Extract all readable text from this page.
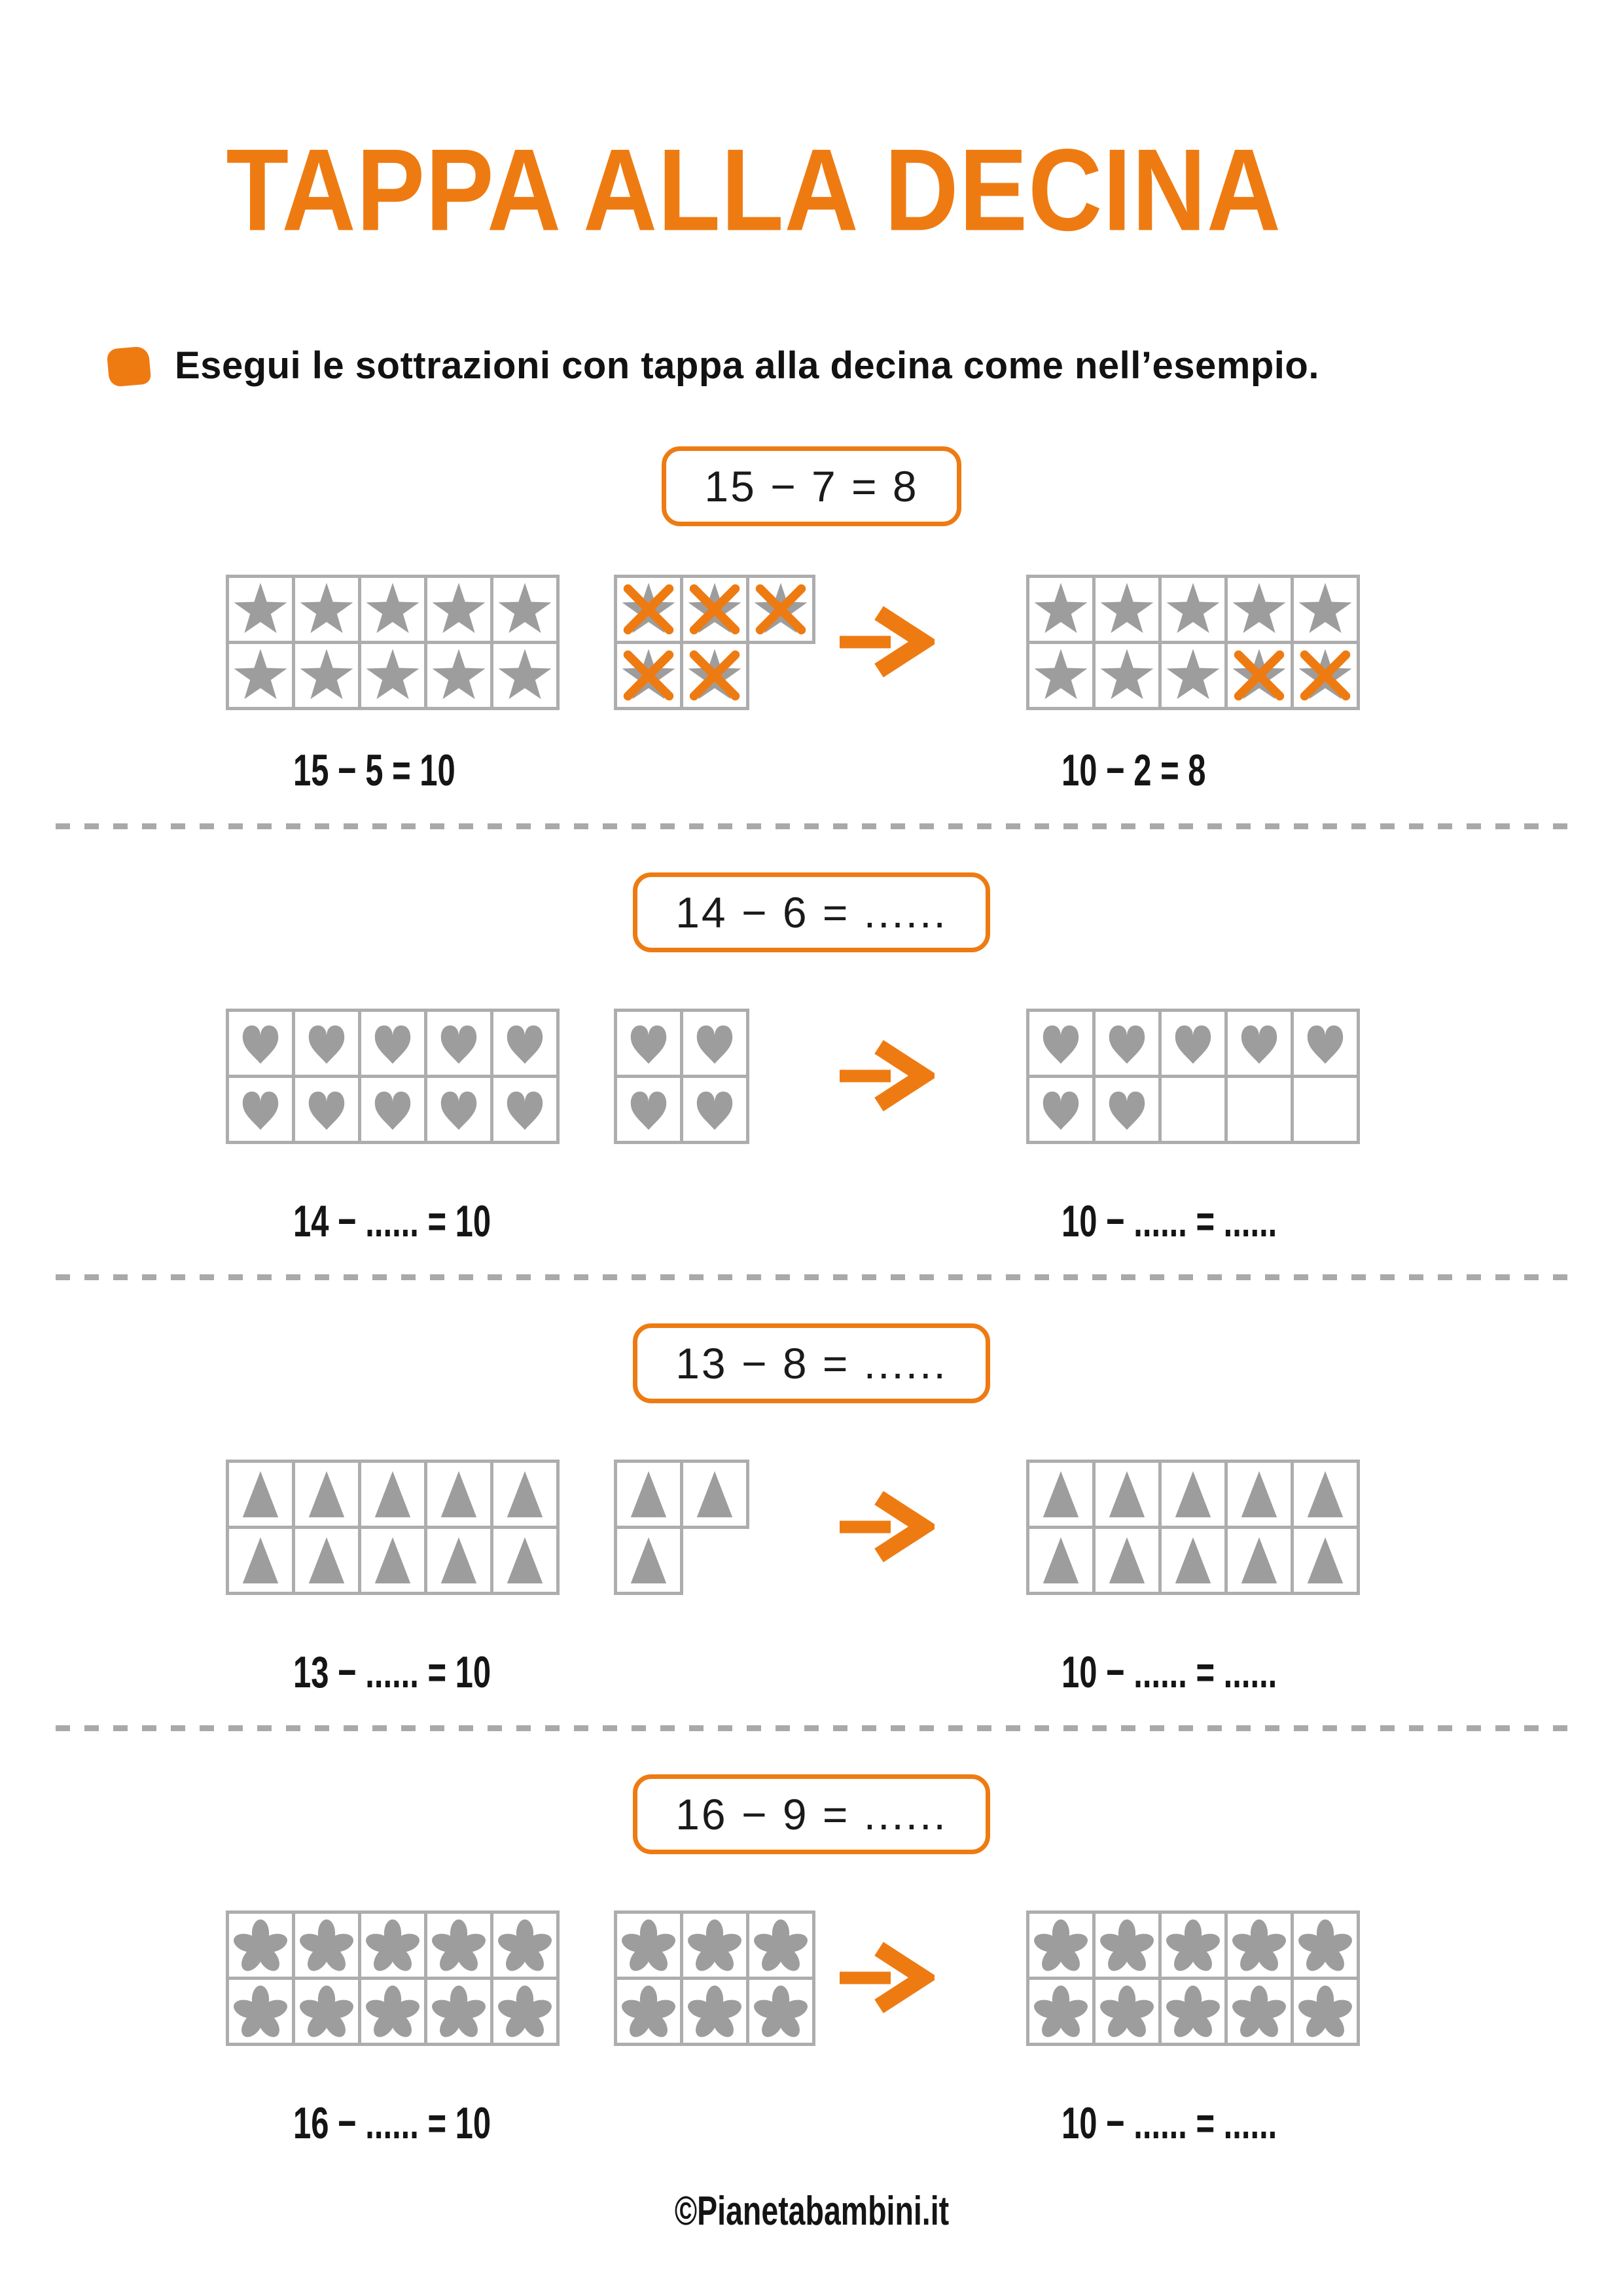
TAPPA ALLA DECINA
Esegui le sottrazioni con tappa alla decina come nell’esempio.
15 − 7 = 8
15 − 5 = 10	10 − 2 = 8
14 − 6 = ......
14 − ...... = 10	10 − ...... = ......
13 − 8 = ......
13 − ...... = 10	10 − ...... = ......
16 − 9 = ......
16 − ...... = 10	10 − ...... = ......
©Pianetabambini.it
